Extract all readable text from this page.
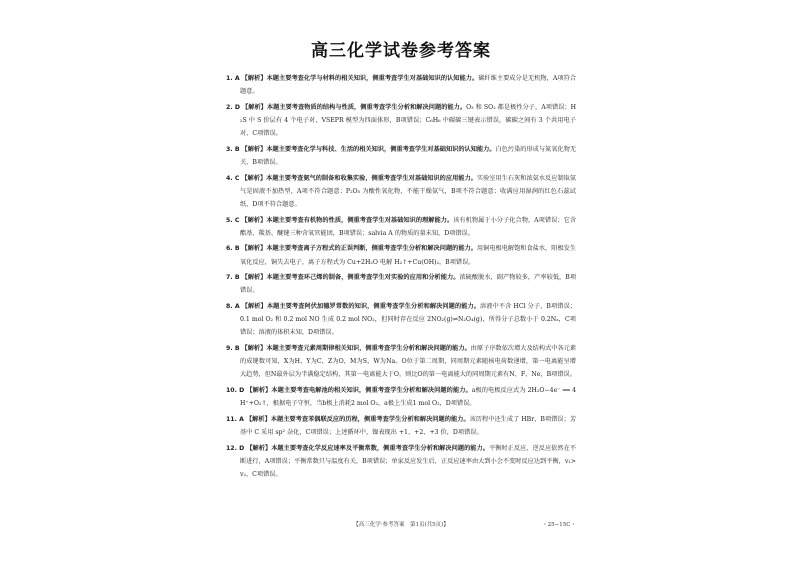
高三化学试卷参考答案

1. A 【解析】本题主要考查化学与材料的相关知识，侧重考查学生对基础知识的认知能力。碳纤维主要成分是无机物，A项符合题意。

2. D 【解析】本题主要考查物质的结构与性质，侧重考查学生分析和解决问题的能力。O₃ 和 SO₂ 都是极性分子，A项错误；H₂S 中 S 价层有 4 个电子对，VSEPR 模型为四面体形，B项错误；C₆H₆ 中碳碳三键表示错误，碳碳之间有 3 个共用电子对，C项错误。

3. B 【解析】本题主要考查化学与科技、生活的相关知识，侧重考查学生对基础知识的认知能力。白色污染的形成与氮氧化物无关，B项错误。

4. C 【解析】本题主要考查氨气的制备和收集实验，侧重考查学生对基础知识的应用能力。实验室用生石灰和浓氨水反应制取氨气是固液不加热型，A项不符合题意；P₂O₅ 为酸性氧化物，不能干燥氨气，B项不符合题意；收满应用湿润的红色石蕊试纸，D项不符合题意。

5. C 【解析】本题主要考查有机物的性质，侧重考查学生对基础知识的理解能力。该有机物属于小分子化合物，A项错误；它含酯基、羰基、醚键三种含氧官能团，B项错误；salvia A 的物质的量未知，D项错误。

6. B 【解析】本题主要考查离子方程式的正误判断，侧重考查学生分析和解决问题的能力。用铜电极电解饱和食盐水，阳极发生氧化反应，铜失去电子，离子方程式为 Cu+2H₂O 电解 H₂↑+Cu(OH)₂，B项错误。

7. B 【解析】本题主要考查环己烯的制备，侧重考查学生对实验的应用和分析能力。浓硫酸脱水，副产物较多，产率较低，B项错误。

8. A 【解析】本题主要考查阿伏加德罗常数的知识，侧重考查学生分析和解决问题的能力。溶液中不含 HCl 分子，B项错误；0.1 mol O₂ 和 0.2 mol NO 生成 0.2 mol NO₂，但同时存在反应 2NO₂(g)⇌N₂O₄(g)，所得分子总数小于 0.2Nₐ，C项错误；溶液的体积未知，D项错误。

9. B 【解析】本题主要考查元素周期律相关知识，侧重考查学生分析和解决问题的能力。由原子序数依次增大及结构式中各元素的成键数可知，X为H，Y为C，Z为O，M为S，W为Na。O位于第二周期，同周期元素随核电荷数递增，第一电离能呈增大趋势，但N最外层为半满稳定结构，其第一电离能大于O，则比O的第一电离能大的同周期元素有N、F、Ne，B项错误。

10. D 【解析】本题主要考查电解池的相关知识，侧重考查学生分析和解决问题的能力。a极的电极反应式为 2H₂O−4e⁻ ══ 4H⁺+O₂↑，根据电子守恒，当b极上消耗2 mol O₂，a极上生成1 mol O₂，D项错误。

11. A 【解析】本题主要考查苯偶联反应的历程，侧重考查学生分析和解决问题的能力。该历程中还生成了 HBr，B项错误；芳基中 C 采用 sp² 杂化，C项错误；上述循环中，镍表现出 +1、+2、+3 价，D项错误。

12. D 【解析】本题主要考查化学反应速率及平衡常数，侧重考查学生分析和解决问题的能力。平衡时正反应、逆反应依然在不断进行，A项错误；平衡常数只与温度有关，B项错误；单家反应发生后，正反应速率由大到小会不变时反应达到平衡，v₁>v₂，C项错误。

【高三化学·参考答案　第1页(共5页)】	・25−15C・
